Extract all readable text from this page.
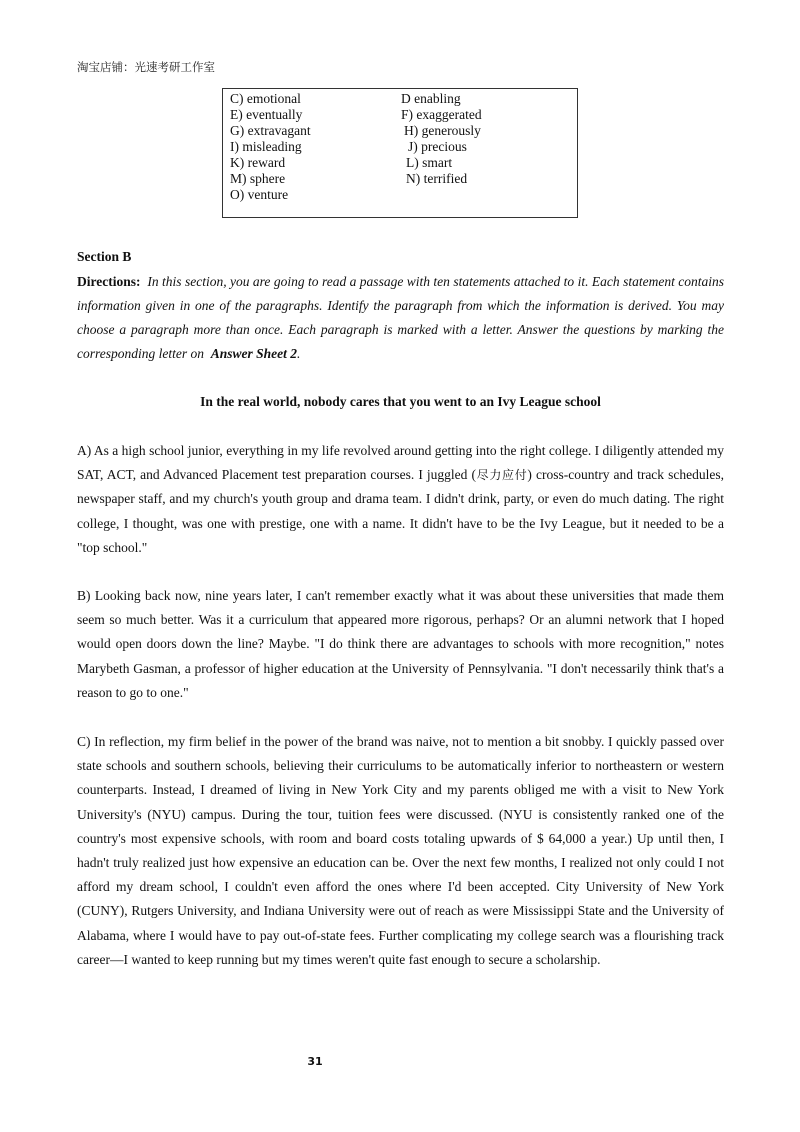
淘宝店铺：光速考研工作室
C) emotional	D enabling
E) eventually	F) exaggerated
G) extravagant	H) generously
I) misleading	J) precious
K) reward	L) smart
M) sphere	N) terrified
O) venture
Section B
Directions: In this section, you are going to read a passage with ten statements attached to it. Each statement contains information given in one of the paragraphs. Identify the paragraph from which the information is derived. You may choose a paragraph more than once. Each paragraph is marked with a letter. Answer the questions by marking the corresponding letter on Answer Sheet 2.
In the real world, nobody cares that you went to an Ivy League school
A) As a high school junior, everything in my life revolved around getting into the right college. I diligently attended my SAT, ACT, and Advanced Placement test preparation courses. I juggled (尽力应付) cross-country and track schedules, newspaper staff, and my church's youth group and drama team. I didn't drink, party, or even do much dating. The right college, I thought, was one with prestige, one with a name. It didn't have to be the Ivy League, but it needed to be a "top school."
B) Looking back now, nine years later, I can't remember exactly what it was about these universities that made them seem so much better. Was it a curriculum that appeared more rigorous, perhaps? Or an alumni network that I hoped would open doors down the line? Maybe. "I do think there are advantages to schools with more recognition," notes Marybeth Gasman, a professor of higher education at the University of Pennsylvania. "I don't necessarily think that's a reason to go to one."
C) In reflection, my firm belief in the power of the brand was naive, not to mention a bit snobby. I quickly passed over state schools and southern schools, believing their curriculums to be automatically inferior to northeastern or western counterparts. Instead, I dreamed of living in New York City and my parents obliged me with a visit to New York University's (NYU) campus. During the tour, tuition fees were discussed. (NYU is consistently ranked one of the country's most expensive schools, with room and board costs totaling upwards of $ 64,000 a year.) Up until then, I hadn't truly realized just how expensive an education can be. Over the next few months, I realized not only could I not afford my dream school, I couldn't even afford the ones where I'd been accepted. City University of New York (CUNY), Rutgers University, and Indiana University were out of reach as were Mississippi State and the University of Alabama, where I would have to pay out-of-state fees. Further complicating my college search was a flourishing track career—I wanted to keep running but my times weren't quite fast enough to secure a scholarship.
31
